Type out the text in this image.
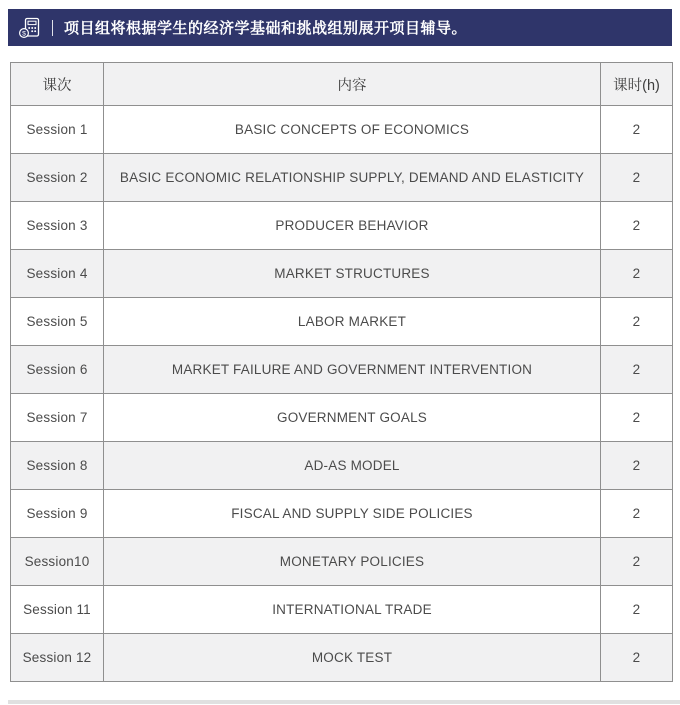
$	项目组将根据学生的经济学基础和挑战组别展开项目辅导。
课次	内容	课时(h)
Session 1	BASIC CONCEPTS OF ECONOMICS	2
Session 2	BASIC ECONOMIC RELATIONSHIP SUPPLY, DEMAND AND ELASTICITY	2
Session 3	PRODUCER BEHAVIOR	2
Session 4	MARKET STRUCTURES	2
Session 5	LABOR MARKET	2
Session 6	MARKET FAILURE AND GOVERNMENT INTERVENTION	2
Session 7	GOVERNMENT GOALS	2
Session 8	AD-AS MODEL	2
Session 9	FISCAL AND SUPPLY SIDE POLICIES	2
Session10	MONETARY POLICIES	2
Session 11	INTERNATIONAL TRADE	2
Session 12	MOCK TEST	2
